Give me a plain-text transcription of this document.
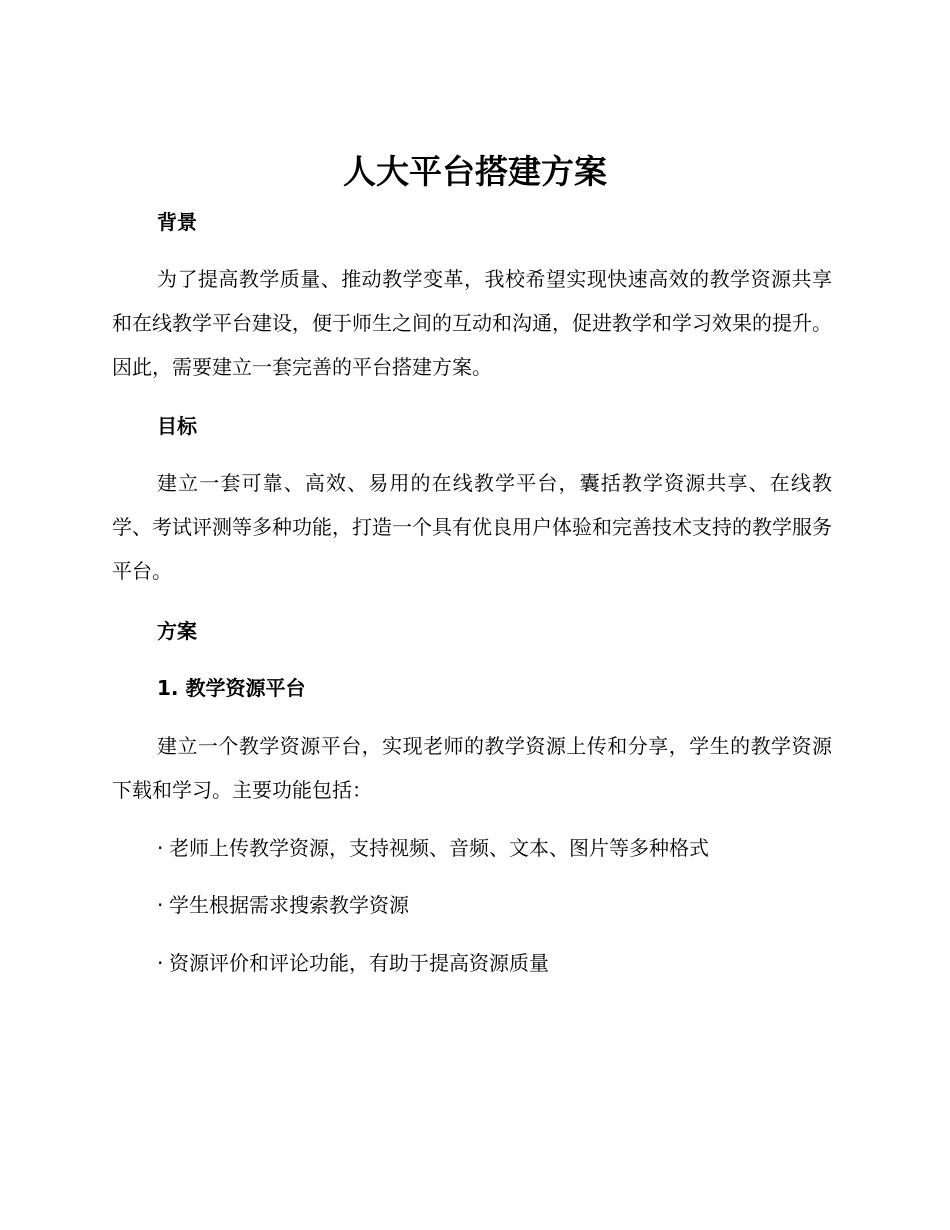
人大平台搭建方案
背景

为了提高教学质量、推动教学变革，我校希望实现快速高效的教学资源共享和在线教学平台建设，便于师生之间的互动和沟通，促进教学和学习效果的提升。因此，需要建立一套完善的平台搭建方案。

目标

建立一套可靠、高效、易用的在线教学平台，囊括教学资源共享、在线教学、考试评测等多种功能，打造一个具有优良用户体验和完善技术支持的教学服务平台。

方案
1. 教学资源平台

建立一个教学资源平台，实现老师的教学资源上传和分享，学生的教学资源下载和学习。主要功能包括：

· 老师上传教学资源，支持视频、音频、文本、图片等多种格式
· 学生根据需求搜索教学资源
· 资源评价和评论功能，有助于提高资源质量
